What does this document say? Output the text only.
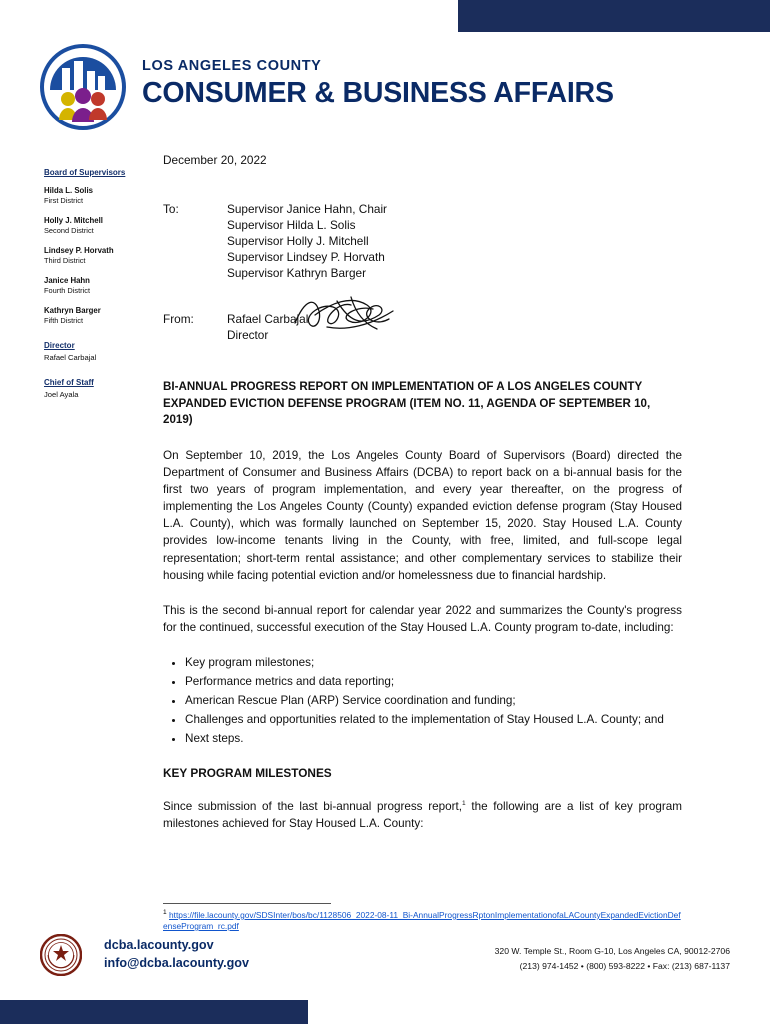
LOS ANGELES COUNTY
CONSUMER & BUSINESS AFFAIRS
Board of Supervisors
Hilda L. Solis
First District
Holly J. Mitchell
Second District
Lindsey P. Horvath
Third District
Janice Hahn
Fourth District
Kathryn Barger
Fifth District
Director
Rafael Carbajal
Chief of Staff
Joel Ayala
December 20, 2022
To:	Supervisor Janice Hahn, Chair
Supervisor Hilda L. Solis
Supervisor Holly J. Mitchell
Supervisor Lindsey P. Horvath
Supervisor Kathryn Barger
From:	Rafael Carbajal
Director
BI-ANNUAL PROGRESS REPORT ON IMPLEMENTATION OF A LOS ANGELES COUNTY EXPANDED EVICTION DEFENSE PROGRAM (ITEM NO. 11, AGENDA OF SEPTEMBER 10, 2019)

On September 10, 2019, the Los Angeles County Board of Supervisors (Board) directed the Department of Consumer and Business Affairs (DCBA) to report back on a bi-annual basis for the first two years of program implementation, and every year thereafter, on the progress of implementing the Los Angeles County (County) expanded eviction defense program (Stay Housed L.A. County), which was formally launched on September 15, 2020. Stay Housed L.A. County provides low-income tenants living in the County, with free, limited, and full-scope legal representation; short-term rental assistance; and other complementary services to stabilize their housing while facing potential eviction and/or homelessness due to financial hardship.

This is the second bi-annual report for calendar year 2022 and summarizes the County's progress for the continued, successful execution of the Stay Housed L.A. County program to-date, including:

• Key program milestones;
• Performance metrics and data reporting;
• American Rescue Plan (ARP) Service coordination and funding;
• Challenges and opportunities related to the implementation of Stay Housed L.A. County; and
• Next steps.
KEY PROGRAM MILESTONES

Since submission of the last bi-annual progress report,$^1$ the following are a list of key program milestones achieved for Stay Housed L.A. County:

$^1$ https://file.lacounty.gov/SDSInter/bos/bc/1128506_2022-08-11_Bi-AnnualProgressRptonImplementationofaLACountyExpandedEvictionDefenseProgram_rc.pdf
dcba.lacounty.gov
info@dcba.lacounty.gov
320 W. Temple St., Room G-10, Los Angeles CA, 90012-2706
(213) 974-1452 • (800) 593-8222 • Fax: (213) 687-1137
